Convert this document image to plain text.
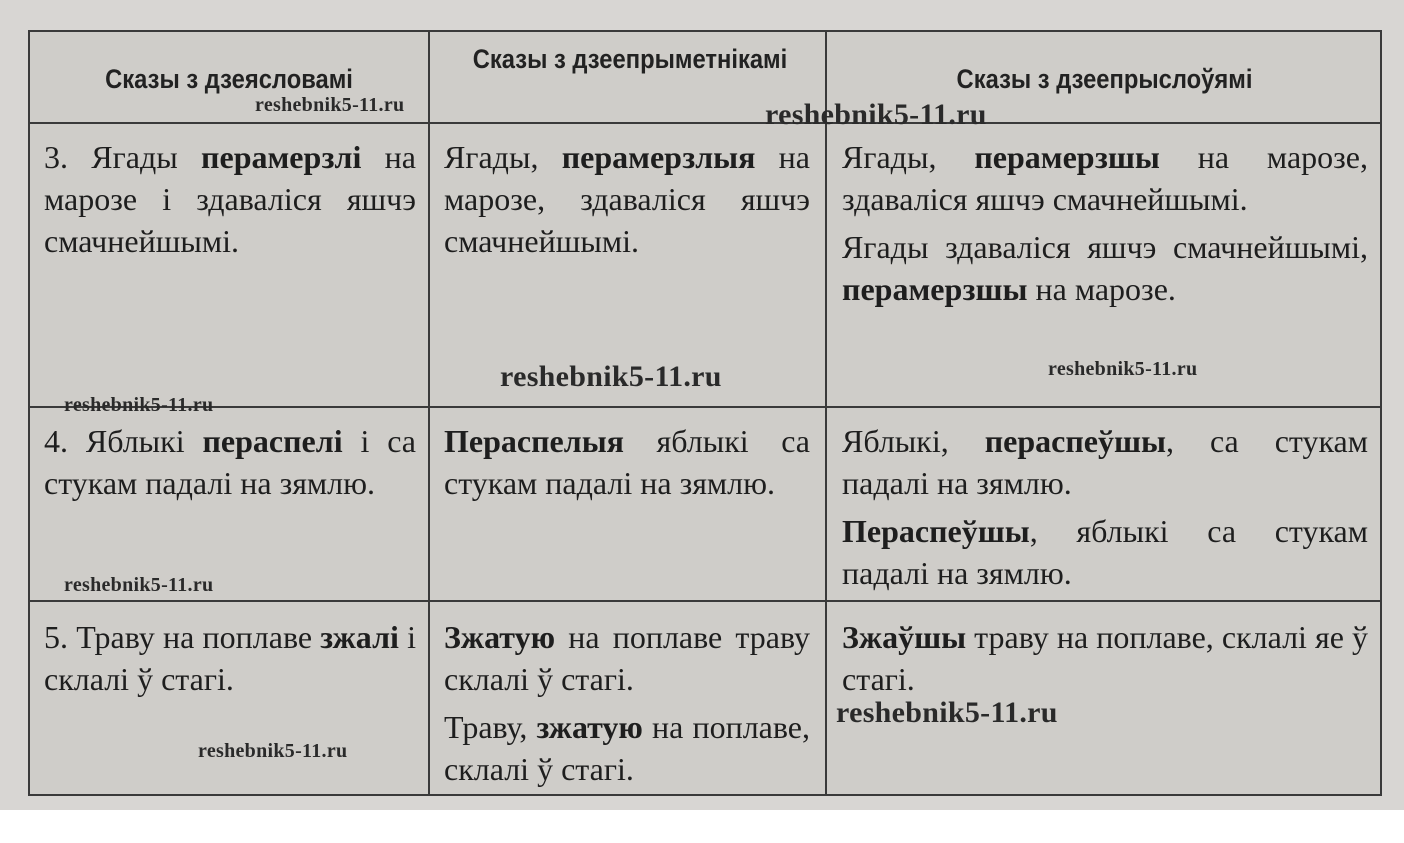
Сказы з дзеясловамі
Сказы з дзеепрыметнікамі
Сказы з дзеепрыслоўямі

3. Ягады перамерзлі на марозе і здаваліся яшчэ смачнейшымі.

Ягады, перамерзлыя на марозе, здаваліся яшчэ смачнейшымі.

Ягады, перамерзшы на марозе, здаваліся яшчэ смачнейшымі.

Ягады здаваліся яшчэ смачнейшымі, перамерзшы на марозе.

4. Яблыкі пераспелі і са стукам падалі на зямлю.

Пераспелыя яблыкі са стукам падалі на зямлю.

Яблыкі, пераспеўшы, са стукам падалі на зямлю.

Пераспеўшы, яблыкі са стукам падалі на зямлю.

5. Траву на поплаве зжалі і склалі ў стагі.

Зжатую на поплаве траву склалі ў стагі.

Траву, зжатую на поплаве, склалі ў стагі.

Зжаўшы траву на поплаве, склалі яе ў стагі.

reshebnik5-11.ru	reshebnik5-11.ru
reshebnik5-11.ru	reshebnik5-11.ru
reshebnik5-11.ru
reshebnik5-11.ru
reshebnik5-11.ru
reshebnik5-11.ru
